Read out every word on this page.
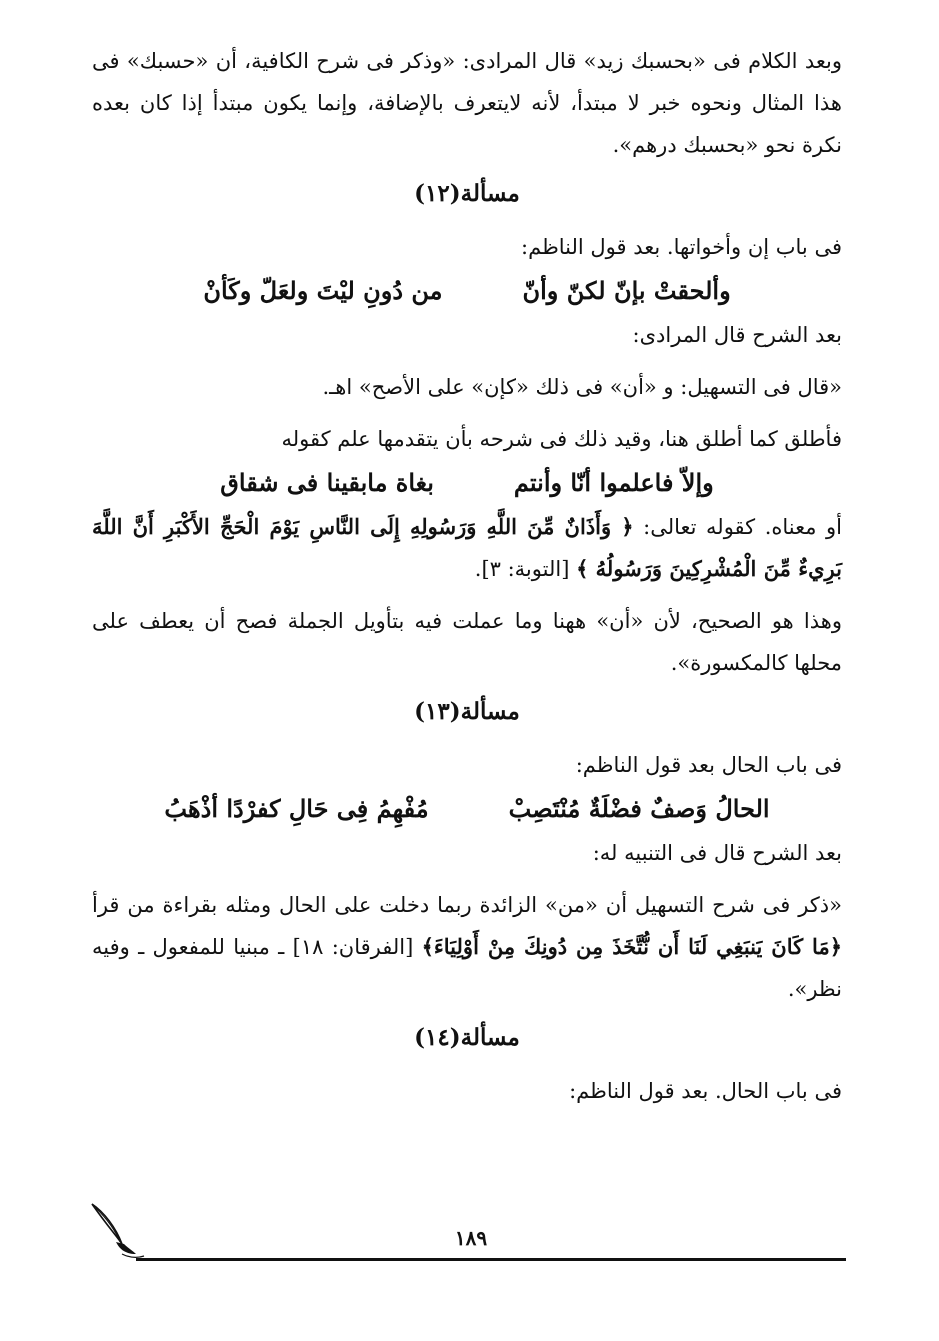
وبعد الكلام فى «بحسبك زيد» قال المرادى: «وذكر فى شرح الكافية، أن «حسبك» فى هذا المثال ونحوه خبر لا مبتدأ، لأنه لايتعرف بالإضافة، وإنما يكون مبتدأ إذا كان بعده نكرة نحو «بحسبك درهم».

مسألة(١٢)

فى باب إن وأخواتها. بعد قول الناظم:

وألحقتْ بإنّ لكنّ وأنّ
من دُونِ ليْتَ ولعَلّ وكَأنْ

بعد الشرح قال المرادى:

«قال فى التسهيل: و «أن» فى ذلك «كإن» على الأصح» اهـ.

فأطلق كما أطلق هنا، وقيد ذلك فى شرحه بأن يتقدمها علم كقوله

وإلاّ فاعلموا أنّا وأنتم
بغاة مابقينا فى شقاق

أو معناه. كقوله تعالى: ﴿ وَأَذَانٌ مِّنَ اللَّهِ وَرَسُولِهِ إِلَى النَّاسِ يَوْمَ الْحَجِّ الأَكْبَرِ أَنَّ اللَّهَ بَرِيءٌ مِّنَ الْمُشْرِكِينَ وَرَسُولُهُ ﴾ [التوبة: ٣].

وهذا هو الصحيح، لأن «أن» ههنا وما عملت فيه بتأويل الجملة فصح أن يعطف على محلها كالمكسورة».

مسألة(١٣)

فى باب الحال بعد قول الناظم:

الحالُ وَصفٌ فضْلَةٌ مُنْتَصِبْ
مُفْهِمُ فِى حَالِ كفرْدًا أذْهَبُ

بعد الشرح قال فى التنبيه له:

«ذكر فى شرح التسهيل أن «من» الزائدة ربما دخلت على الحال ومثله بقراءة من قرأ ﴿مَا كَانَ يَنبَغِي لَنَا أَن نُّتَّخَذَ مِن دُونِكَ مِنْ أَوْلِيَاءَ﴾ [الفرقان: ١٨] ـ مبنيا للمفعول ـ وفيه نظر».

مسألة(١٤)

فى باب الحال. بعد قول الناظم:

١٨٩
